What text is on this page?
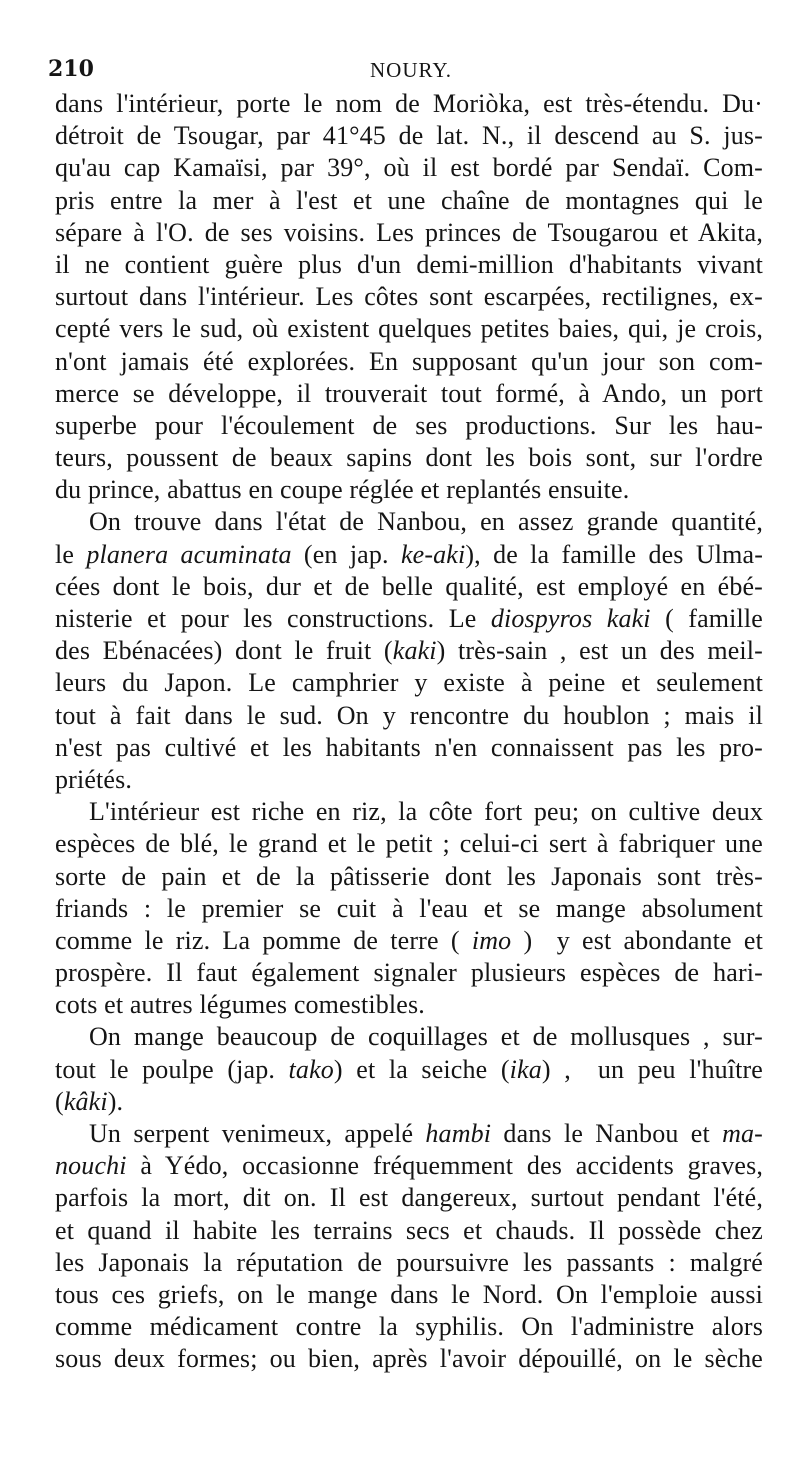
210	NOURY.
dans l'intérieur, porte le nom de Moriòka, est très-étendu. Du·
détroit de Tsougar, par 41°45 de lat. N., il descend au S. jus-
qu'au cap Kamaïsi, par 39°, où il est bordé par Sendaï. Com-
pris entre la mer à l'est et une chaîne de montagnes qui le
sépare à l'O. de ses voisins. Les princes de Tsougarou et Akita,
il ne contient guère plus d'un demi-million d'habitants vivant
surtout dans l'intérieur. Les côtes sont escarpées, rectilignes, ex-
cepté vers le sud, où existent quelques petites baies, qui, je crois,
n'ont jamais été explorées. En supposant qu'un jour son com-
merce se développe, il trouverait tout formé, à Ando, un port
superbe pour l'écoulement de ses productions. Sur les hau-
teurs, poussent de beaux sapins dont les bois sont, sur l'ordre
du prince, abattus en coupe réglée et replantés ensuite.
On trouve dans l'état de Nanbou, en assez grande quantité,
le planera acuminata (en jap. ke-aki), de la famille des Ulma-
cées dont le bois, dur et de belle qualité, est employé en ébé-
nisterie et pour les constructions. Le diospyros kaki ( famille
des Ebénacées) dont le fruit (kaki) très-sain , est un des meil-
leurs du Japon. Le camphrier y existe à peine et seulement
tout à fait dans le sud. On y rencontre du houblon ; mais il
n'est pas cultivé et les habitants n'en connaissent pas les pro-
priétés.
L'intérieur est riche en riz, la côte fort peu; on cultive deux
espèces de blé, le grand et le petit ; celui-ci sert à fabriquer une
sorte de pain et de la pâtisserie dont les Japonais sont très-
friands : le premier se cuit à l'eau et se mange absolument
comme le riz. La pomme de terre ( imo )  y est abondante et
prospère. Il faut également signaler plusieurs espèces de hari-
cots et autres légumes comestibles.
On mange beaucoup de coquillages et de mollusques , sur-
tout le poulpe (jap. tako) et la seiche (ika) ,  un peu l'huître
(kâki).
Un serpent venimeux, appelé hambi dans le Nanbou et ma-
nouchi à Yédo, occasionne fréquemment des accidents graves,
parfois la mort, dit on. Il est dangereux, surtout pendant l'été,
et quand il habite les terrains secs et chauds. Il possède chez
les Japonais la réputation de poursuivre les passants : malgré
tous ces griefs, on le mange dans le Nord. On l'emploie aussi
comme médicament contre la syphilis. On l'administre alors
sous deux formes; ou bien, après l'avoir dépouillé, on le sèche
